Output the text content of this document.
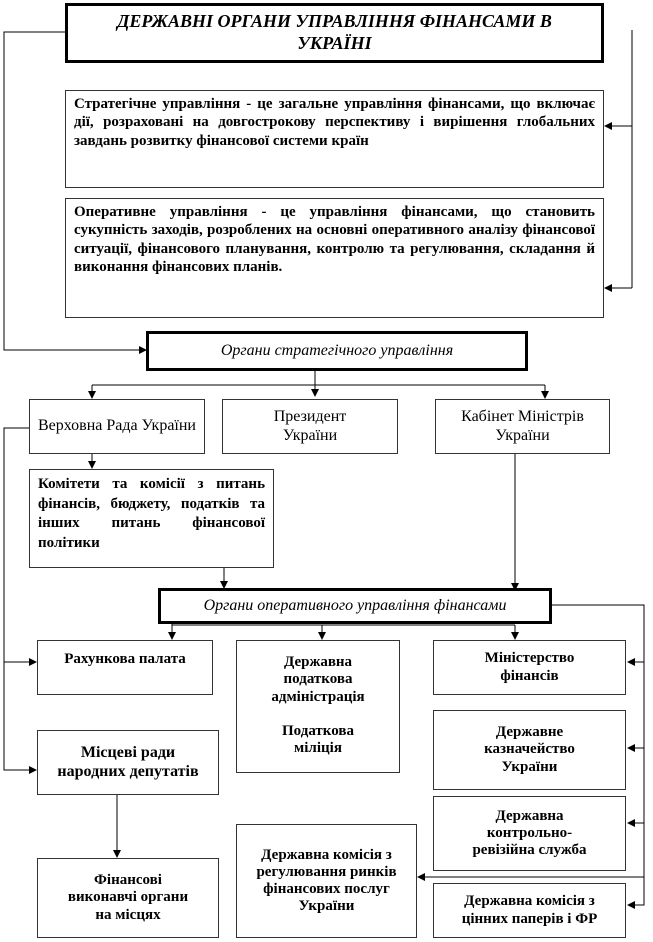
ДЕРЖАВНІ ОРГАНИ УПРАВЛІННЯ ФІНАНСАМИ В УКРАЇНІ
Стратегічне управління - це загальне управління фінансами, що включає дії, розраховані на довгострокову перспективу і вирішення глобальних завдань розвитку фінансової системи країн
Оперативне управління - це управління фінансами, що становить сукупність заходів, розроблених на основні оперативного аналізу фінансової ситуації, фінансового планування, контролю та регулювання, складання й виконання фінансових планів.
Органи стратегічного управління
Верховна Рада України
Президент України
Кабінет Міністрів України
Комітети та комісії з питань фінансів, бюджету, податків та інших питань фінансової політики
Органи оперативного управління фінансами
Рахункова палата	Державна податкова адміністрація
Податкова міліція
Міністерство фінансів
Місцеві ради народних депутатів
Державне казначейство України
Державна контрольно-ревізійна служба
Державна комісія з регулювання ринків фінансових послуг України
Фінансові виконавчі органи на місцях
Державна комісія з цінних паперів і ФР
